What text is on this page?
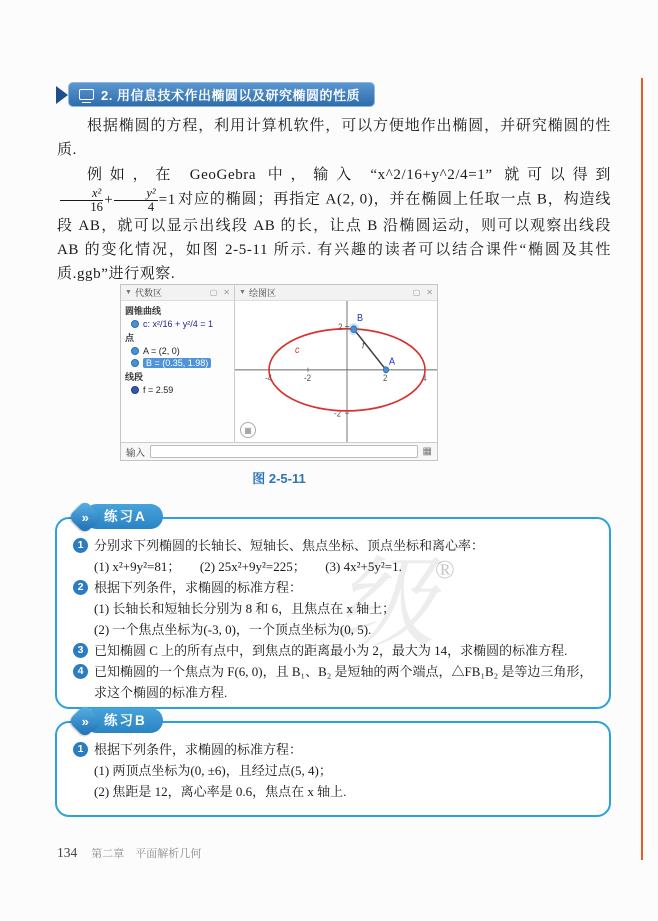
2. 用信息技术作出椭圆以及研究椭圆的性质

根据椭圆的方程，利用计算机软件，可以方便地作出椭圆，并研究椭圆的性质.

例如，在 GeoGebra 中，输入 “x^2/16+y^2/4=1” 就可以得到
$\frac{\text{x²}}{16} + \frac{\text{y²}}{4} =1$ 对应的椭圆；再指定 A(2, 0)，并在椭圆上任取一点 B，构造线段 AB，就可以显示出线段 AB 的长，让点 B 沿椭圆运动，则可以观察出线段 AB 的变化情况，如图 2-5-11 所示. 有兴趣的读者可以结合课件“椭圆及其性质.ggb”进行观察.

▼ 代数区	▢ ✕
圆锥曲线
c: x²/16 + y²/4 = 1
点
A = (2, 0)
B = (0.35, 1.98)
线段
f = 2.59
▼ 绘图区	▢ ✕
-4	-2	2	4
2
-2
c	f
B
A
▦
输入	▦
图 2-5-11
»	练习A
1 分别求下列椭圆的长轴长、短轴长、焦点坐标、顶点坐标和离心率：
(1) x²+9y²=81；　　(2) 25x²+9y²=225；　　(3) 4x²+5y²=1.
2 根据下列条件，求椭圆的标准方程：
(1) 长轴长和短轴长分别为 8 和 6，且焦点在 x 轴上；
(2) 一个焦点坐标为(-3, 0)，一个顶点坐标为(0, 5).
3 已知椭圆 C 上的所有点中，到焦点的距离最小为 2，最大为 14，求椭圆的标准方程.
4 已知椭圆的一个焦点为 F(6, 0)，且 B₁、B₂ 是短轴的两个端点，△FB₁B₂ 是等边三角形，求这个椭圆的标准方程.
»	练习B
1 根据下列条件，求椭圆的标准方程：
(1) 两顶点坐标为(0, ±6)，且经过点(5, 4)；
(2) 焦距是 12，离心率是 0.6，焦点在 x 轴上.
134 第二章　平面解析几何
®
